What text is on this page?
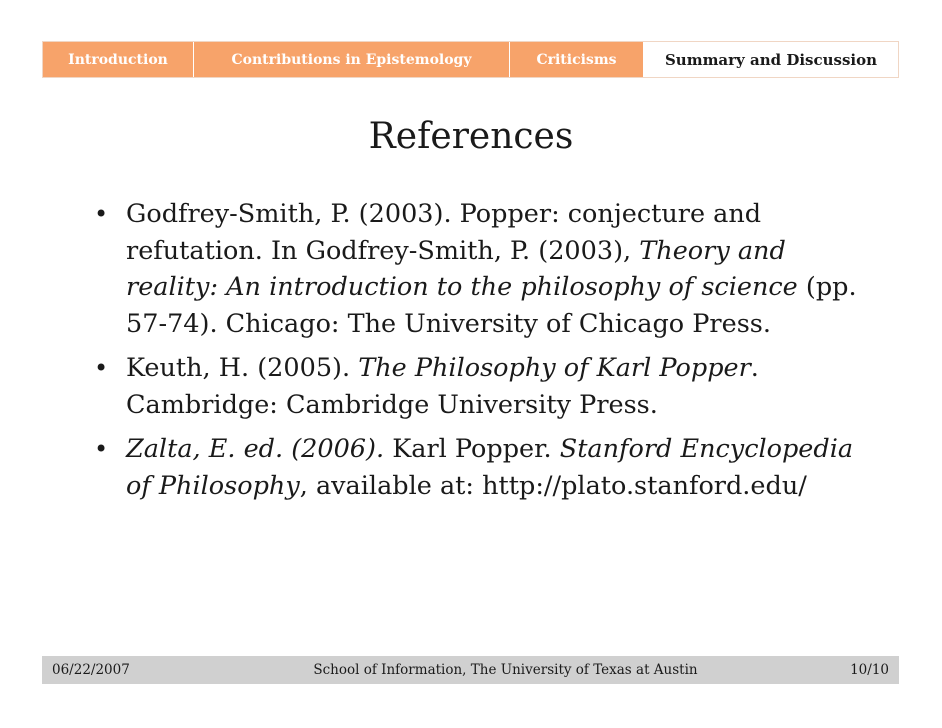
Introduction	Contributions in Epistemology	Criticisms	Summary and Discussion
References
• Godfrey-Smith, P. (2003). Popper: conjecture and refutation. In Godfrey-Smith, P. (2003), Theory and reality: An introduction to the philosophy of science (pp. 57-74). Chicago: The University of Chicago Press.
• Keuth, H. (2005). The Philosophy of Karl Popper. Cambridge: Cambridge University Press.
• Zalta, E. ed. (2006). Karl Popper. Stanford Encyclopedia of Philosophy, available at: http://plato.stanford.edu/
06/22/2007	School of Information, The University of Texas at Austin	10/10
